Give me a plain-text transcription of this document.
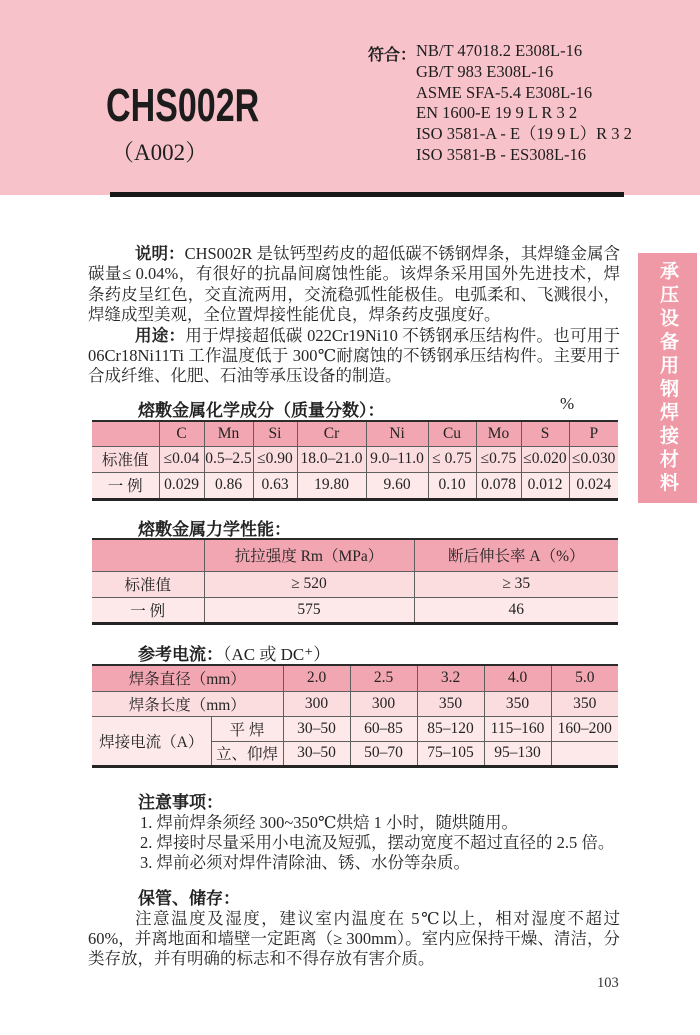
CHS002R
（A002）
符合： NB/T 47018.2 E308L-16
GB/T 983 E308L-16
ASME SFA-5.4 E308L-16
EN 1600-E 19 9 L R 3 2
ISO 3581-A - E（19 9 L）R 3 2
ISO 3581-B - ES308L-16
承压设备用钢焊接材料

说明：CHS002R 是钛钙型药皮的超低碳不锈钢焊条，其焊缝金属含碳量≤ 0.04%，有很好的抗晶间腐蚀性能。该焊条采用国外先进技术，焊条药皮呈红色，交直流两用，交流稳弧性能极佳。电弧柔和、飞溅很小，焊缝成型美观，全位置焊接性能优良，焊条药皮强度好。

用途：用于焊接超低碳 022Cr19Ni10 不锈钢承压结构件。也可用于 06Cr18Ni11Ti 工作温度低于 300℃耐腐蚀的不锈钢承压结构件。主要用于合成纤维、化肥、石油等承压设备的制造。

熔敷金属化学成分（质量分数）：	%
	C	Mn	Si	Cr	Ni	Cu	Mo	S	P
标准值	≤0.04	0.5–2.5	≤0.90	18.0–21.0	9.0–11.0	≤ 0.75	≤0.75	≤0.020	≤0.030
一 例	0.029	0.86	0.63	19.80	9.60	0.10	0.078	0.012	0.024
熔敷金属力学性能：
	抗拉强度 Rm（MPa）	断后伸长率 A（%）
标准值	≥ 520	≥ 35
一 例	575	46
参考电流：（AC 或 DC⁺）
焊条直径（mm）		2.0	2.5	3.2	4.0	5.0
焊条长度（mm）		300	300	350	350	350
焊接电流（A）	平 焊	30–50	60–85	85–120	115–160	160–200
	立、仰焊	30–50	50–70	75–105	95–130	
注意事项：
1. 焊前焊条须经 300~350℃烘焙 1 小时，随烘随用。
2. 焊接时尽量采用小电流及短弧，摆动宽度不超过直径的 2.5 倍。
3. 焊前必须对焊件清除油、锈、水份等杂质。
保管、储存：

注意温度及湿度，建议室内温度在 5℃以上，相对湿度不超过 60%，并离地面和墙壁一定距离（≥ 300mm）。室内应保持干燥、清洁，分类存放，并有明确的标志和不得存放有害介质。

103
